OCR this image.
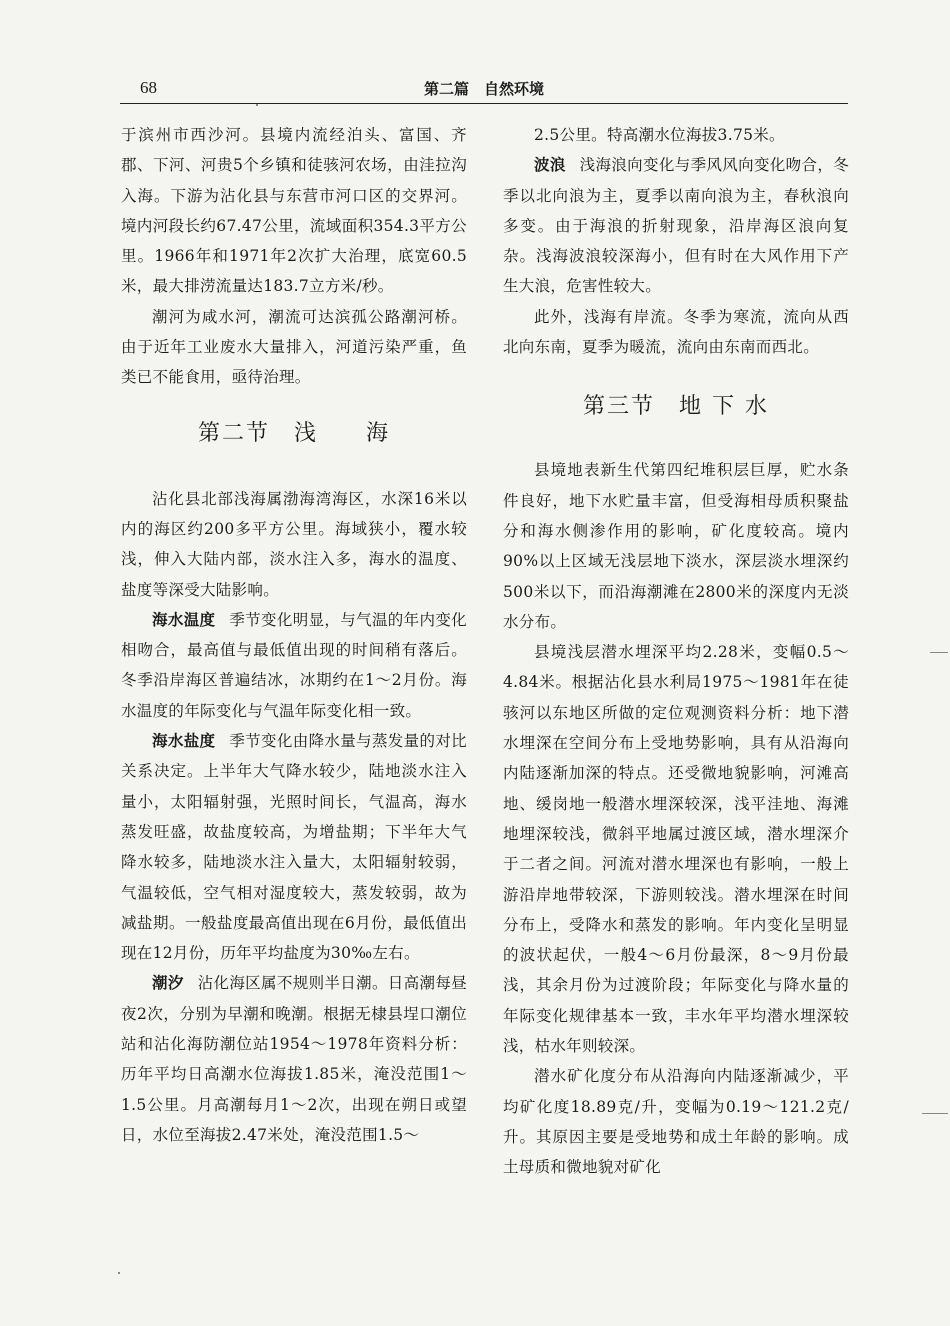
68	第二篇　自然环境

于滨州市西沙河。县境内流经泊头、富国、齐郡、下河、河贵5个乡镇和徒骇河农场，由洼拉沟入海。下游为沾化县与东营市河口区的交界河。境内河段长约67.47公里，流域面积354.3平方公里。1966年和1971年2次扩大治理，底宽60.5米，最大排涝流量达183.7立方米/秒。

潮河为咸水河，潮流可达滨孤公路潮河桥。由于近年工业废水大量排入，河道污染严重，鱼类已不能食用，亟待治理。

第二节　浅　　海

沾化县北部浅海属渤海湾海区，水深16米以内的海区约200多平方公里。海域狭小，覆水较浅，伸入大陆内部，淡水注入多，海水的温度、盐度等深受大陆影响。

海水温度 季节变化明显，与气温的年内变化相吻合，最高值与最低值出现的时间稍有落后。冬季沿岸海区普遍结冰，冰期约在1～2月份。海水温度的年际变化与气温年际变化相一致。

海水盐度 季节变化由降水量与蒸发量的对比关系决定。上半年大气降水较少，陆地淡水注入量小，太阳辐射强，光照时间长，气温高，海水蒸发旺盛，故盐度较高，为增盐期；下半年大气降水较多，陆地淡水注入量大，太阳辐射较弱，气温较低，空气相对湿度较大，蒸发较弱，故为减盐期。一般盐度最高值出现在6月份，最低值出现在12月份，历年平均盐度为30‰左右。

潮汐 沾化海区属不规则半日潮。日高潮每昼夜2次，分别为早潮和晚潮。根据无棣县埕口潮位站和沾化海防潮位站1954～1978年资料分析：历年平均日高潮水位海拔1.85米，淹没范围1～1.5公里。月高潮每月1～2次，出现在朔日或望日，水位至海拔2.47米处，淹没范围1.5～

2.5公里。特高潮水位海拔3.75米。

波浪 浅海浪向变化与季风风向变化吻合，冬季以北向浪为主，夏季以南向浪为主，春秋浪向多变。由于海浪的折射现象，沿岸海区浪向复杂。浅海波浪较深海小，但有时在大风作用下产生大浪，危害性较大。

此外，浅海有岸流。冬季为寒流，流向从西北向东南，夏季为暖流，流向由东南而西北。

第三节　地 下 水

县境地表新生代第四纪堆积层巨厚，贮水条件良好，地下水贮量丰富，但受海相母质积聚盐分和海水侧渗作用的影响，矿化度较高。境内90%以上区域无浅层地下淡水，深层淡水埋深约500米以下，而沿海潮滩在2800米的深度内无淡水分布。

县境浅层潜水埋深平均2.28米，变幅0.5～4.84米。根据沾化县水利局1975～1981年在徒骇河以东地区所做的定位观测资料分析：地下潜水埋深在空间分布上受地势影响，具有从沿海向内陆逐渐加深的特点。还受微地貌影响，河滩高地、缓岗地一般潜水埋深较深，浅平洼地、海滩地埋深较浅，微斜平地属过渡区域，潜水埋深介于二者之间。河流对潜水埋深也有影响，一般上游沿岸地带较深，下游则较浅。潜水埋深在时间分布上，受降水和蒸发的影响。年内变化呈明显的波状起伏，一般4～6月份最深，8～9月份最浅，其余月份为过渡阶段；年际变化与降水量的年际变化规律基本一致，丰水年平均潜水埋深较浅，枯水年则较深。

潜水矿化度分布从沿海向内陆逐渐减少，平均矿化度18.89克/升，变幅为0.19～121.2克/升。其原因主要是受地势和成土年龄的影响。成土母质和微地貌对矿化
